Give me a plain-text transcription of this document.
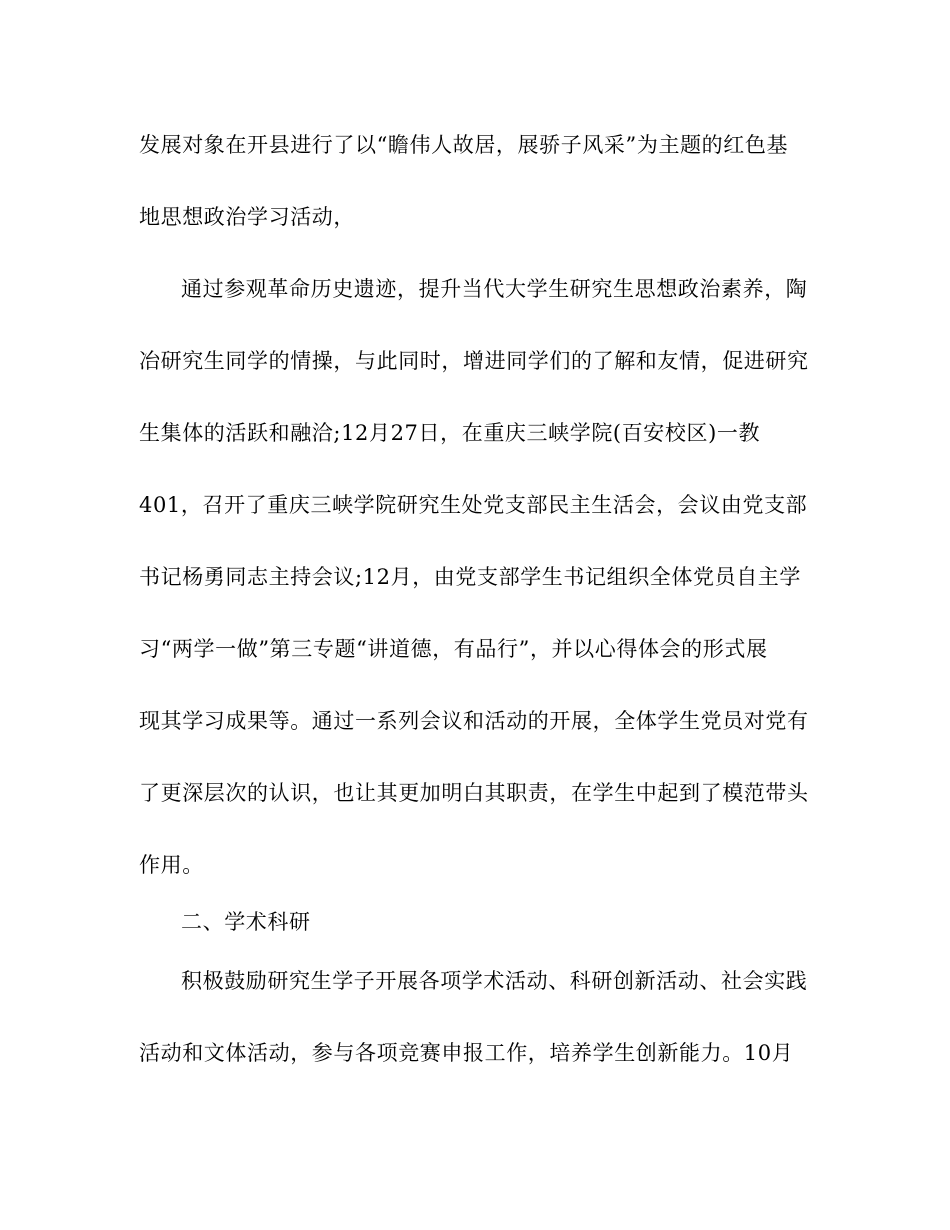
发展对象在开县进行了以“瞻伟人故居，展骄子风采”为主题的红色基
地思想政治学习活动，
通过参观革命历史遗迹，提升当代大学生研究生思想政治素养，陶
冶研究生同学的情操，与此同时，增进同学们的了解和友情，促进研究
生集体的活跃和融洽;12月27日，在重庆三峡学院(百安校区)一教
401，召开了重庆三峡学院研究生处党支部民主生活会，会议由党支部
书记杨勇同志主持会议;12月，由党支部学生书记组织全体党员自主学
习“两学一做”第三专题“讲道德，有品行”，并以心得体会的形式展
现其学习成果等。通过一系列会议和活动的开展，全体学生党员对党有
了更深层次的认识，也让其更加明白其职责，在学生中起到了模范带头
作用。
二、学术科研
积极鼓励研究生学子开展各项学术活动、科研创新活动、社会实践
活动和文体活动，参与各项竞赛申报工作，培养学生创新能力。10月
